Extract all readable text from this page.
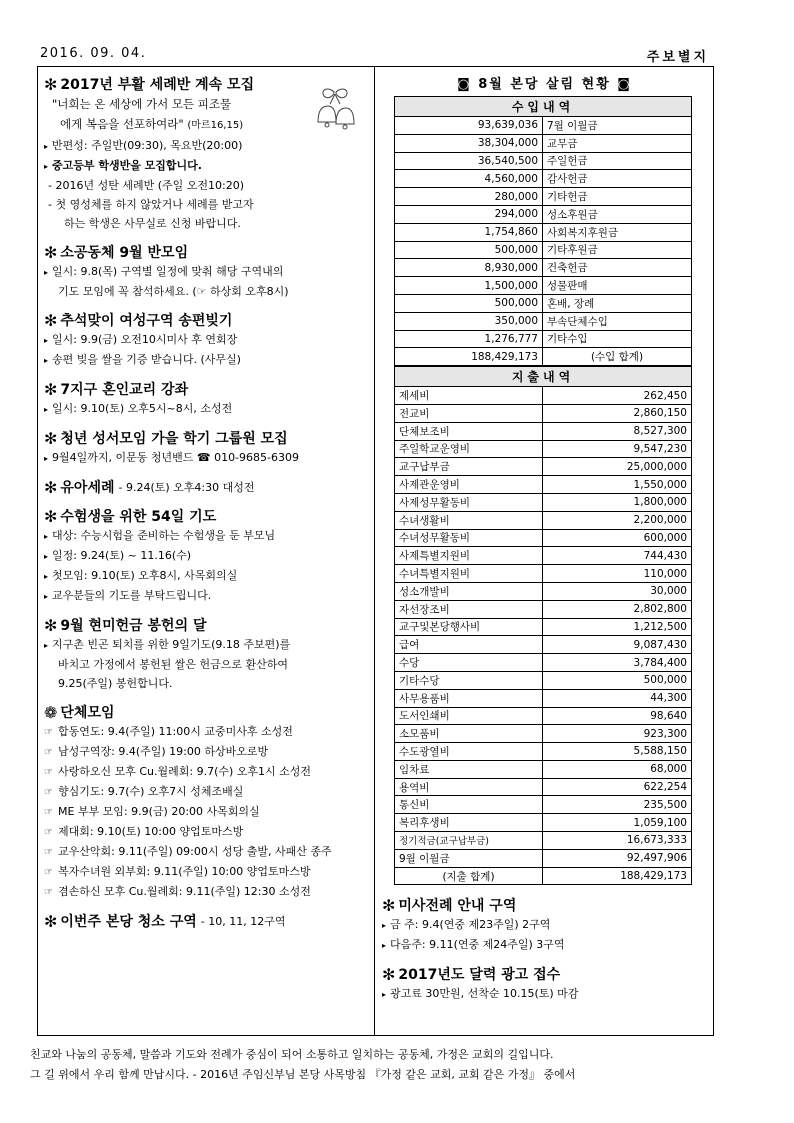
2016. 09. 04.	주보별지
✻ 2017년 부활 세례반 계속 모집
"너희는 온 세상에 가서 모든 피조물
에게 복음을 선포하여라" (마르16,15)
▸ 반편성: 주일반(09:30), 목요반(20:00)
▸ 중고등부 학생반을 모집합니다.
- 2016년 성탄 세례반 (주일 오전10:20)
- 첫 영성체를 하지 않았거나 세례를 받고자
하는 학생은 사무실로 신청 바랍니다.
✻ 소공동체 9월 반모임
▸ 일시: 9.8(목) 구역별 일정에 맞춰 해당 구역내의
기도 모임에 꼭 참석하세요. (☞ 하상회 오후8시)
✻ 추석맞이 여성구역 송편빚기
▸ 일시: 9.9(금) 오전10시미사 후 연회장
▸ 송편 빚을 쌀을 기증 받습니다. (사무실)
✻ 7지구 혼인교리 강좌
▸ 일시: 9.10(토) 오후5시~8시, 소성전
✻ 청년 성서모임 가을 학기 그룹원 모집
▸ 9월4일까지, 이문동 청년밴드 ☎ 010-9685-6309
✻ 유아세례 - 9.24(토) 오후4:30 대성전
✻ 수험생을 위한 54일 기도
▸ 대상: 수능시험을 준비하는 수험생을 둔 부모님
▸ 일정: 9.24(토) ~ 11.16(수)
▸ 첫모임: 9.10(토) 오후8시, 사목회의실
▸ 교우분들의 기도를 부탁드립니다.
✻ 9월 현미헌금 봉헌의 달
▸ 지구촌 빈곤 퇴치를 위한 9일기도(9.18 주보편)를
바치고 가정에서 봉헌된 쌀은 헌금으로 환산하여
9.25(주일) 봉헌합니다.
❁ 단체모임
☞ 합동연도: 9.4(주일) 11:00시 교중미사후 소성전
☞ 남성구역장: 9.4(주일) 19:00 하상바오로방
☞ 사랑하오신 모후 Cu.월례회: 9.7(수) 오후1시 소성전
☞ 향심기도: 9.7(수) 오후7시 성체조배실
☞ ME 부부 모임: 9.9(금) 20:00 사목회의실
☞ 제대회: 9.10(토) 10:00 양업토마스방
☞ 교우산악회: 9.11(주일) 09:00시 성당 출발, 사패산 종주
☞ 복자수녀원 외부회: 9.11(주일) 10:00 양업토마스방
☞ 겸손하신 모후 Cu.월례회: 9.11(주일) 12:30 소성전
✻ 이번주 본당 청소 구역 - 10, 11, 12구역
◙ 8월 본당 살림 현황 ◙
수입내역	
93,639,036	7월 이월금
38,304,000	교무금
36,540,500	주일헌금
4,560,000	감사헌금
280,000	기타헌금
294,000	성소후원금
1,754,860	사회복지후원금
500,000	기타후원금
8,930,000	건축헌금
1,500,000	성물판매
500,000	혼배, 장례
350,000	부속단체수입
1,276,777	기타수입
188,429,173	(수입 합계)
지출내역	
제세비	262,450
전교비	2,860,150
단체보조비	8,527,300
주일학교운영비	9,547,230
교구납부금	25,000,000
사제관운영비	1,550,000
사제성무활동비	1,800,000
수녀생활비	2,200,000
수녀성무활동비	600,000
사제특별지원비	744,430
수녀특별지원비	110,000
성소개발비	30,000
자선장조비	2,802,800
교구및본당행사비	1,212,500
급여	9,087,430
수당	3,784,400
기타수당	500,000
사무용품비	44,300
도서인쇄비	98,640
소모품비	923,300
수도광열비	5,588,150
임차료	68,000
용역비	622,254
통신비	235,500
복리후생비	1,059,100
정기적금(교구납부금)	16,673,333
9월 이월금	92,497,906
(지출 합계)	188,429,173
✻ 미사전례 안내 구역
▸ 금 주: 9.4(연중 제23주일) 2구역
▸ 다음주: 9.11(연중 제24주일) 3구역
✻ 2017년도 달력 광고 접수
▸ 광고료 30만원, 선착순 10.15(토) 마감
친교와 나눔의 공동체, 말씀과 기도와 전례가 중심이 되어 소통하고 일치하는 공동체, 가정은 교회의 길입니다.
그 길 위에서 우리 함께 만납시다. - 2016년 주임신부님 본당 사목방침 『가정 같은 교회, 교회 같은 가정』 중에서
